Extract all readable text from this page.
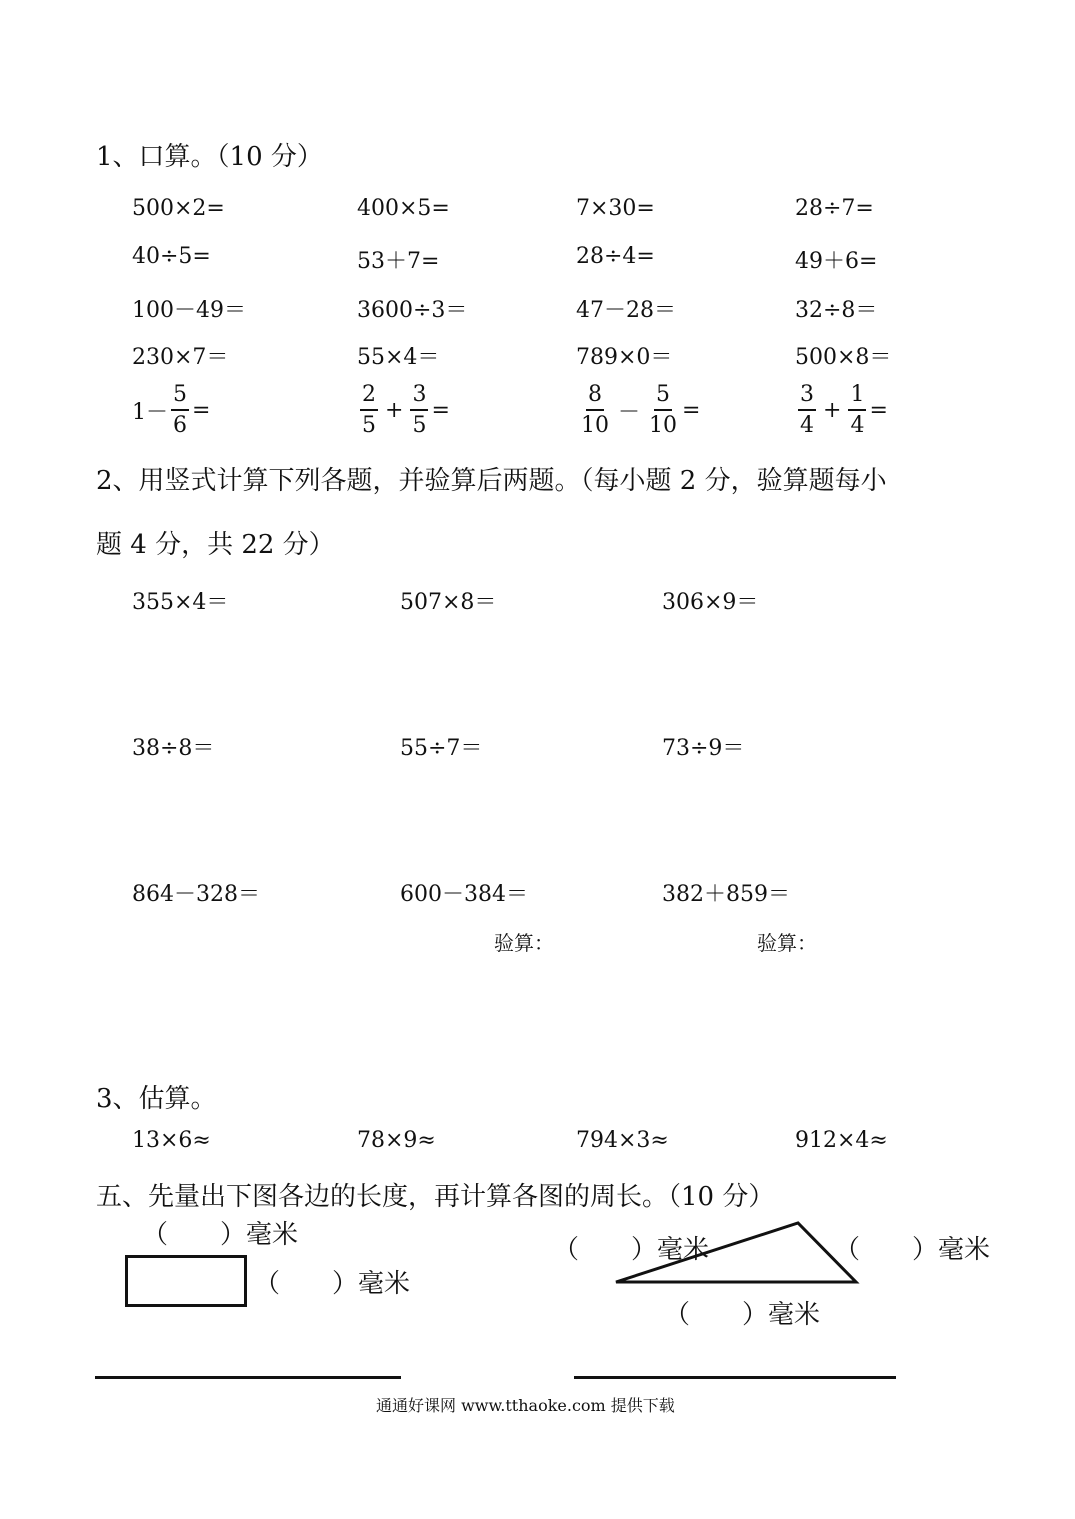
1、口算。（10 分）
500×2=	400×5=	7×30=	28÷7=
40÷5=	53＋7=	28÷4=	49＋6=
100－49＝	3600÷3＝	47－28＝	32÷8＝
230×7＝	55×4＝	789×0＝	500×8＝
$1- \frac{5}{6}$ =	$\frac{2}{5} + \frac{3}{5}$ =	$\frac{8}{10} - \frac{5}{10}$ =	$\frac{3}{4} + \frac{1}{4}$ =
2、用竖式计算下列各题，并验算后两题。（每小题 2 分，验算题每小
题 4 分，共 22 分）
355×4＝	507×8＝	306×9＝
38÷8＝	55÷7＝	73÷9＝
864－328＝	600－384＝	382＋859＝
验算：	验算：
3、估算。
13×6≈	78×9≈	794×3≈	912×4≈
五、先量出下图各边的长度，再计算各图的周长。（10 分）
（　　）毫米
（　　）毫米
（　　）毫米	（　　）毫米
（　　）毫米
通通好课网 www.tthaoke.com 提供下载
